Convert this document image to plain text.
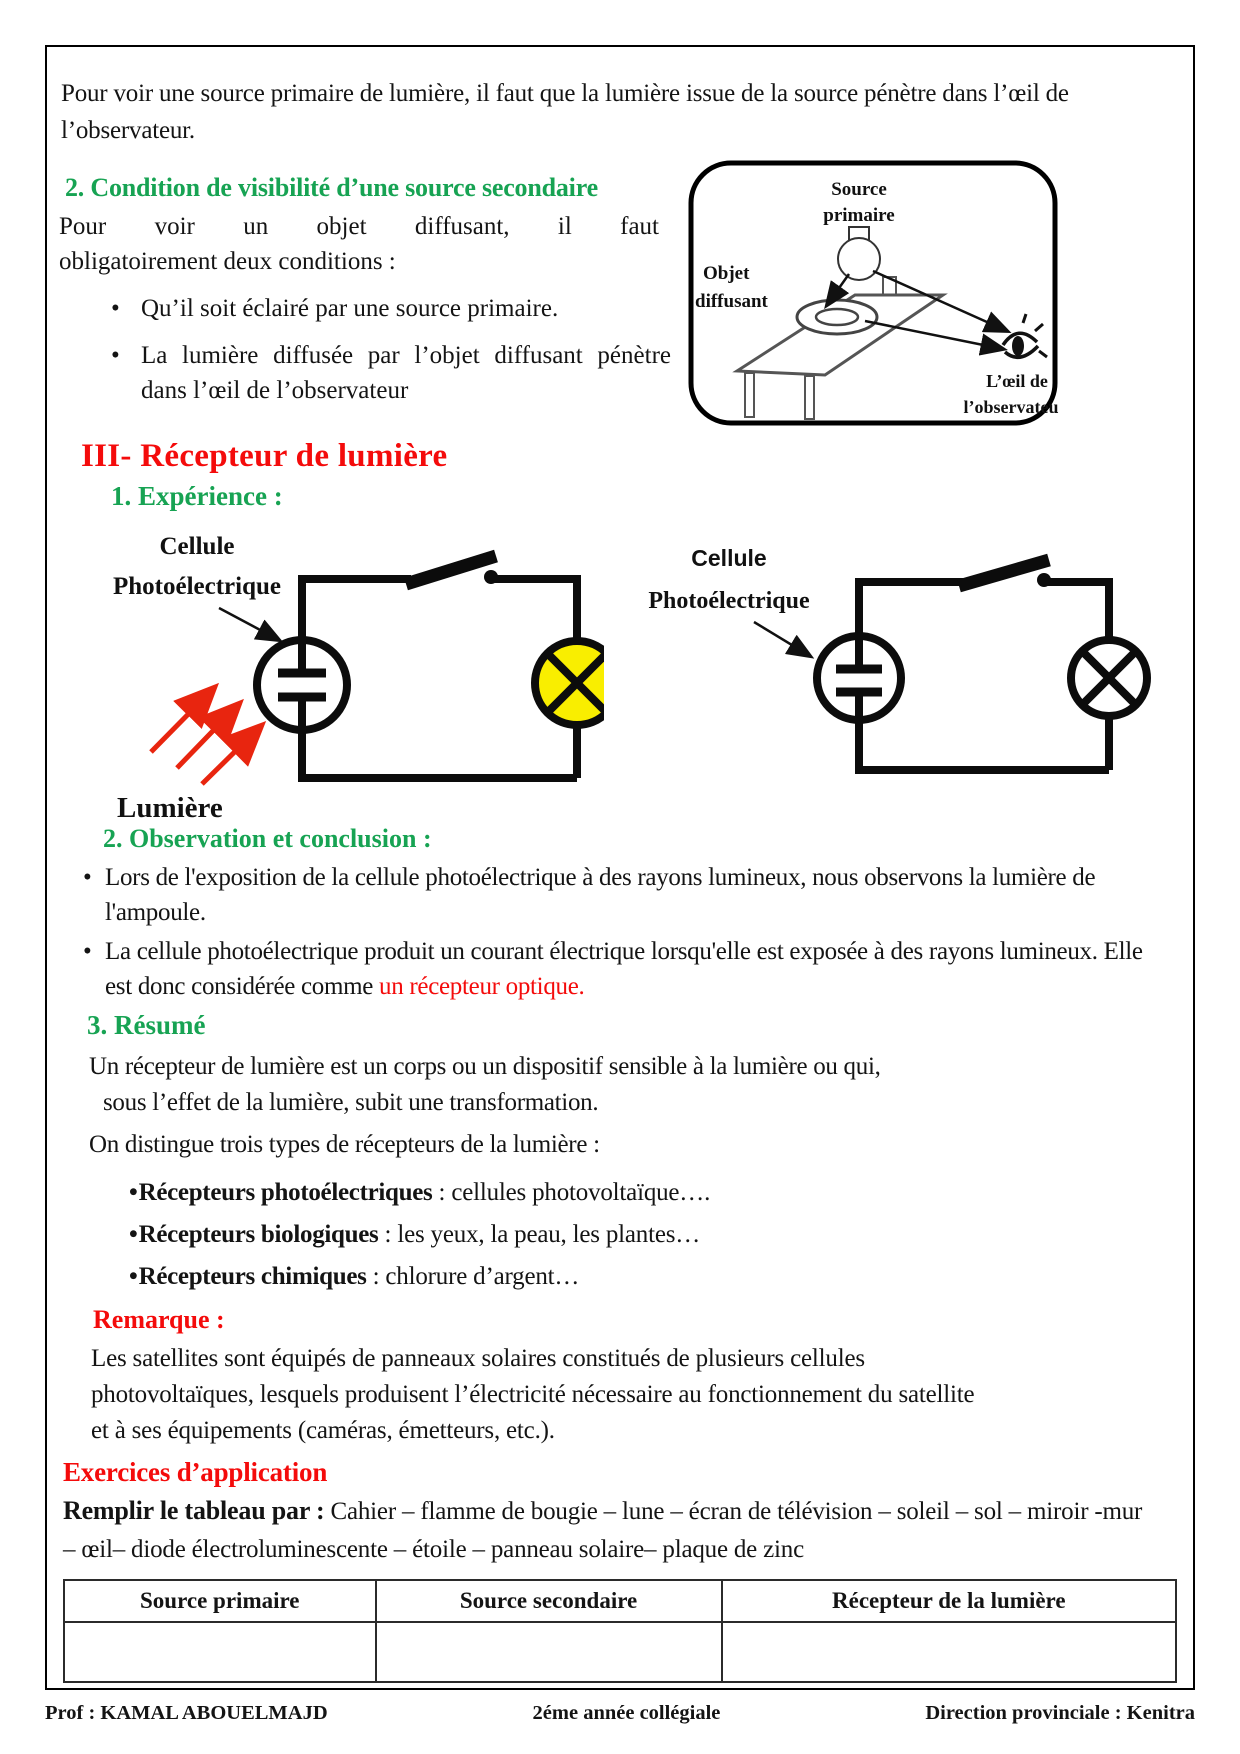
Pour voir une source primaire de lumière, il faut que la lumière issue de la source pénètre dans l’œil de l’observateur.

2. Condition de visibilité d’une source secondaire

Pour voir un objet diffusant, il faut
obligatoirement deux conditions :

• Qu’il soit éclairé par une source primaire.
• La lumière diffusée par l’objet diffusant pénètre dans l’œil de l’observateur
Source
primaire
Objet
diffusant
L’œil de
l’observateur
III- Récepteur de lumière
1. Expérience :
Cellule
Photoélectrique
Lumière
Cellule
Photoélectrique
2. Observation et conclusion :
• Lors de l'exposition de la cellule photoélectrique à des rayons lumineux, nous observons la lumière de l'ampoule.
• La cellule photoélectrique produit un courant électrique lorsqu'elle est exposée à des rayons lumineux. Elle est donc considérée comme un récepteur optique.
3. Résumé
Un récepteur de lumière est un corps ou un dispositif sensible à la lumière ou qui,
sous l’effet de la lumière, subit une transformation.
On distingue trois types de récepteurs de la lumière :
•Récepteurs photoélectriques : cellules photovoltaïque….
•Récepteurs biologiques : les yeux, la peau, les plantes…
•Récepteurs chimiques : chlorure d’argent…
Remarque :
Les satellites sont équipés de panneaux solaires constitués de plusieurs cellules
photovoltaïques, lesquels produisent l’électricité nécessaire au fonctionnement du satellite
et à ses équipements (caméras, émetteurs, etc.).
Exercices d’application

Remplir le tableau par : Cahier – flamme de bougie – lune – écran de télévision – soleil – sol – miroir -mur – œil– diode électroluminescente – étoile – panneau solaire– plaque de zinc

Source primaire	Source secondaire	Récepteur de la lumière

Prof : KAMAL ABOUELMAJD	2éme année collégiale	Direction provinciale : Kenitra
